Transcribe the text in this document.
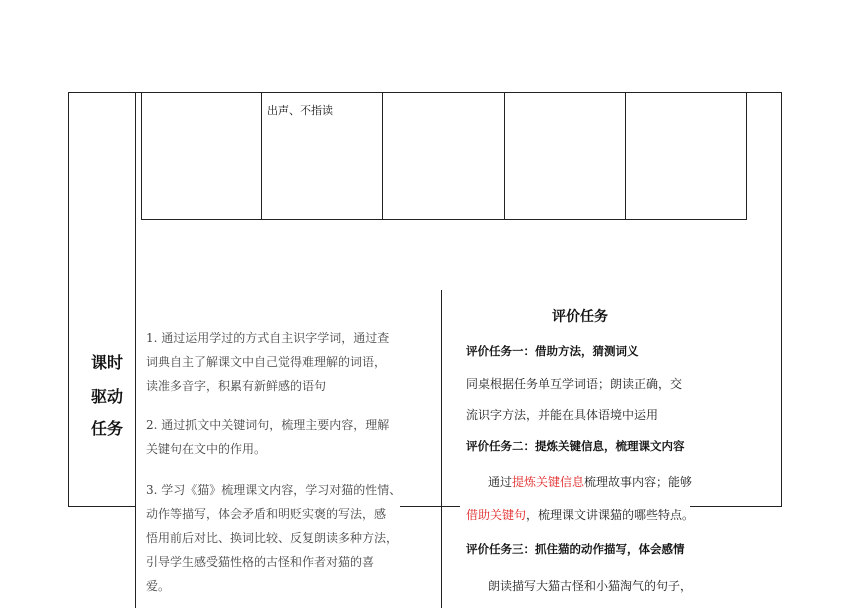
出声、不指读
课时
驱动
任务
1. 通过运用学过的方式自主识字学词，通过查
词典自主了解课文中自己觉得难理解的词语，
读准多音字，积累有新鲜感的语句
2. 通过抓文中关键词句，梳理主要内容，理解
关键句在文中的作用。
3. 学习《猫》梳理课文内容，学习对猫的性情、
动作等描写，体会矛盾和明贬实褒的写法，感
悟用前后对比、换词比较、反复朗读多种方法，
引导学生感受猫性格的古怪和作者对猫的喜
爱。
评价任务
评价任务一：借助方法，猜测词义
同桌根据任务单互学词语；朗读正确，交
流识字方法，并能在具体语境中运用
评价任务二：提炼关键信息，梳理课文内容
通过提炼关键信息梳理故事内容；能够
借助关键句，梳理课文讲课猫的哪些特点。
评价任务三：抓住猫的动作描写，体会感情
朗读描写大猫古怪和小猫淘气的句子，
